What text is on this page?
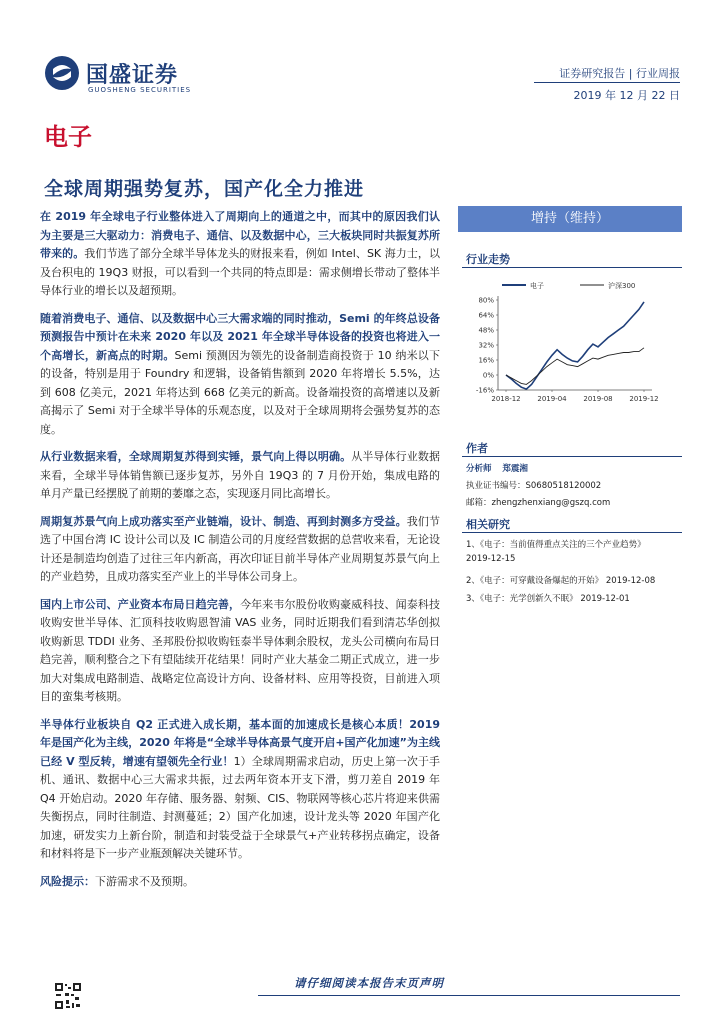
国盛证券
GUOSHENG SECURITIES
证券研究报告 | 行业周报
2019 年 12 月 22 日
电子
全球周期强势复苏，国产化全力推进

在 2019 年全球电子行业整体进入了周期向上的通道之中，而其中的原因我们认为主要是三大驱动力：消费电子、通信、以及数据中心，三大板块同时共振复苏所带来的。我们节选了部分全球半导体龙头的财报来看，例如 Intel、SK 海力士，以及台积电的 19Q3 财报，可以看到一个共同的特点即是：需求侧增长带动了整体半导体行业的增长以及超预期。

随着消费电子、通信、以及数据中心三大需求端的同时推动，Semi 的年终总设备预测报告中预计在未来 2020 年以及 2021 年全球半导体设备的投资也将进入一个高增长，新高点的时期。Semi 预测因为领先的设备制造商投资于 10 纳米以下的设备，特别是用于 Foundry 和逻辑，设备销售额到 2020 年将增长 5.5%，达到 608 亿美元，2021 年将达到 668 亿美元的新高。设备端投资的高增速以及新高揭示了 Semi 对于全球半导体的乐观态度，以及对于全球周期将会强势复苏的态度。

从行业数据来看，全球周期复苏得到实锤，景气向上得以明确。从半导体行业数据来看，全球半导体销售额已逐步复苏，另外自 19Q3 的 7 月份开始，集成电路的单月产量已经摆脱了前期的萎靡之态，实现逐月同比高增长。

周期复苏景气向上成功落实至产业链端，设计、制造、再到封测多方受益。我们节选了中国台湾 IC 设计公司以及 IC 制造公司的月度经营数据的总营收来看，无论设计还是制造均创造了过往三年内新高，再次印证目前半导体产业周期复苏景气向上的产业趋势，且成功落实至产业上的半导体公司身上。

国内上市公司、产业资本布局日趋完善，今年来韦尔股份收购豪威科技、闻泰科技收购安世半导体、汇顶科技收购恩智浦 VAS 业务，同时近期我们看到清芯华创拟收购新思 TDDI 业务、圣邦股份拟收购钰泰半导体剩余股权，龙头公司横向布局日趋完善，顺利整合之下有望陆续开花结果！同时产业大基金二期正式成立，进一步加大对集成电路制造、战略定位高设计方向、设备材料、应用等投资，目前进入项目的蛮集考核期。

半导体行业板块自 Q2 正式进入成长期，基本面的加速成长是核心本质！2019 年是国产化为主线，2020 年将是“全球半导体高景气度开启+国产化加速”为主线已经 V 型反转，增速有望领先全行业！1）全球周期需求启动，历史上第一次于手机、通讯、数据中心三大需求共振，过去两年资本开支下滑，剪刀差自 2019 年 Q4 开始启动。2020 年存储、服务器、射频、CIS、物联网等核心芯片将迎来供需失衡拐点，同时往制造、封测蔓延；2）国产化加速，设计龙头等 2020 年国产化加速，研发实力上新台阶，制造和封装受益于全球景气+产业转移拐点确定，设备和材料将是下一步产业瓶颈解决关键环节。

风险提示：下游需求不及预期。

增持（维持）
行业走势
电子	沪深300
80%
64%
48%
32%
16%
0%
-16%
2018-12 2019-04 2019-08 2019-12
作者
分析师 郑震湘
执业证书编号：S0680518120002
邮箱：zhengzhenxiang@gszq.com
相关研究
1、《电子：当前值得重点关注的三个产业趋势》
2019-12-15
2、《电子：可穿戴设备爆起的开始》 2019-12-08
3、《电子：光学创新久不眠》 2019-12-01
请仔细阅读本报告末页声明
